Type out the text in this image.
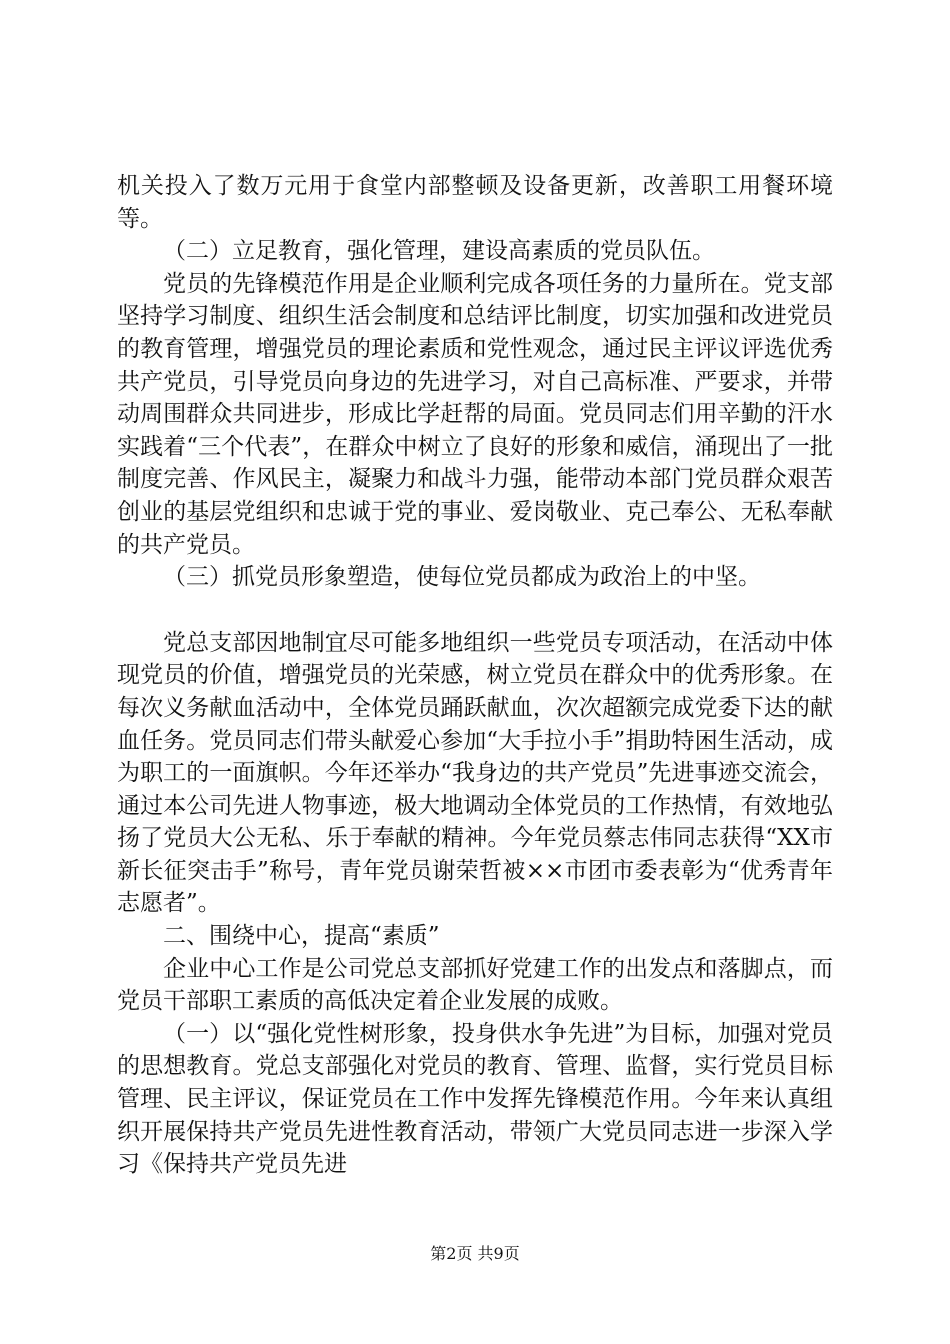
机关投入了数万元用于食堂内部整顿及设备更新，改善职工用餐环境等。

（二）立足教育，强化管理，建设高素质的党员队伍。

党员的先锋模范作用是企业顺利完成各项任务的力量所在。党支部坚持学习制度、组织生活会制度和总结评比制度，切实加强和改进党员的教育管理，增强党员的理论素质和党性观念，通过民主评议评选优秀共产党员，引导党员向身边的先进学习，对自己高标准、严要求，并带动周围群众共同进步，形成比学赶帮的局面。党员同志们用辛勤的汗水实践着“三个代表”，在群众中树立了良好的形象和威信，涌现出了一批制度完善、作风民主，凝聚力和战斗力强，能带动本部门党员群众艰苦创业的基层党组织和忠诚于党的事业、爱岗敬业、克己奉公、无私奉献的共产党员。

（三）抓党员形象塑造，使每位党员都成为政治上的中坚。

党总支部因地制宜尽可能多地组织一些党员专项活动，在活动中体现党员的价值，增强党员的光荣感，树立党员在群众中的优秀形象。在每次义务献血活动中，全体党员踊跃献血，次次超额完成党委下达的献血任务。党员同志们带头献爱心参加“大手拉小手”捐助特困生活动，成为职工的一面旗帜。今年还举办“我身边的共产党员”先进事迹交流会，通过本公司先进人物事迹，极大地调动全体党员的工作热情，有效地弘扬了党员大公无私、乐于奉献的精神。今年党员蔡志伟同志获得“XX市新长征突击手”称号，青年党员谢荣哲被××市团市委表彰为“优秀青年志愿者”。

二、围绕中心，提高“素质”

企业中心工作是公司党总支部抓好党建工作的出发点和落脚点，而党员干部职工素质的高低决定着企业发展的成败。

（一）以“强化党性树形象，投身供水争先进”为目标，加强对党员的思想教育。党总支部强化对党员的教育、管理、监督，实行党员目标管理、民主评议，保证党员在工作中发挥先锋模范作用。今年来认真组织开展保持共产党员先进性教育活动，带领广大党员同志进一步深入学习《保持共产党员先进

第2页 共9页
